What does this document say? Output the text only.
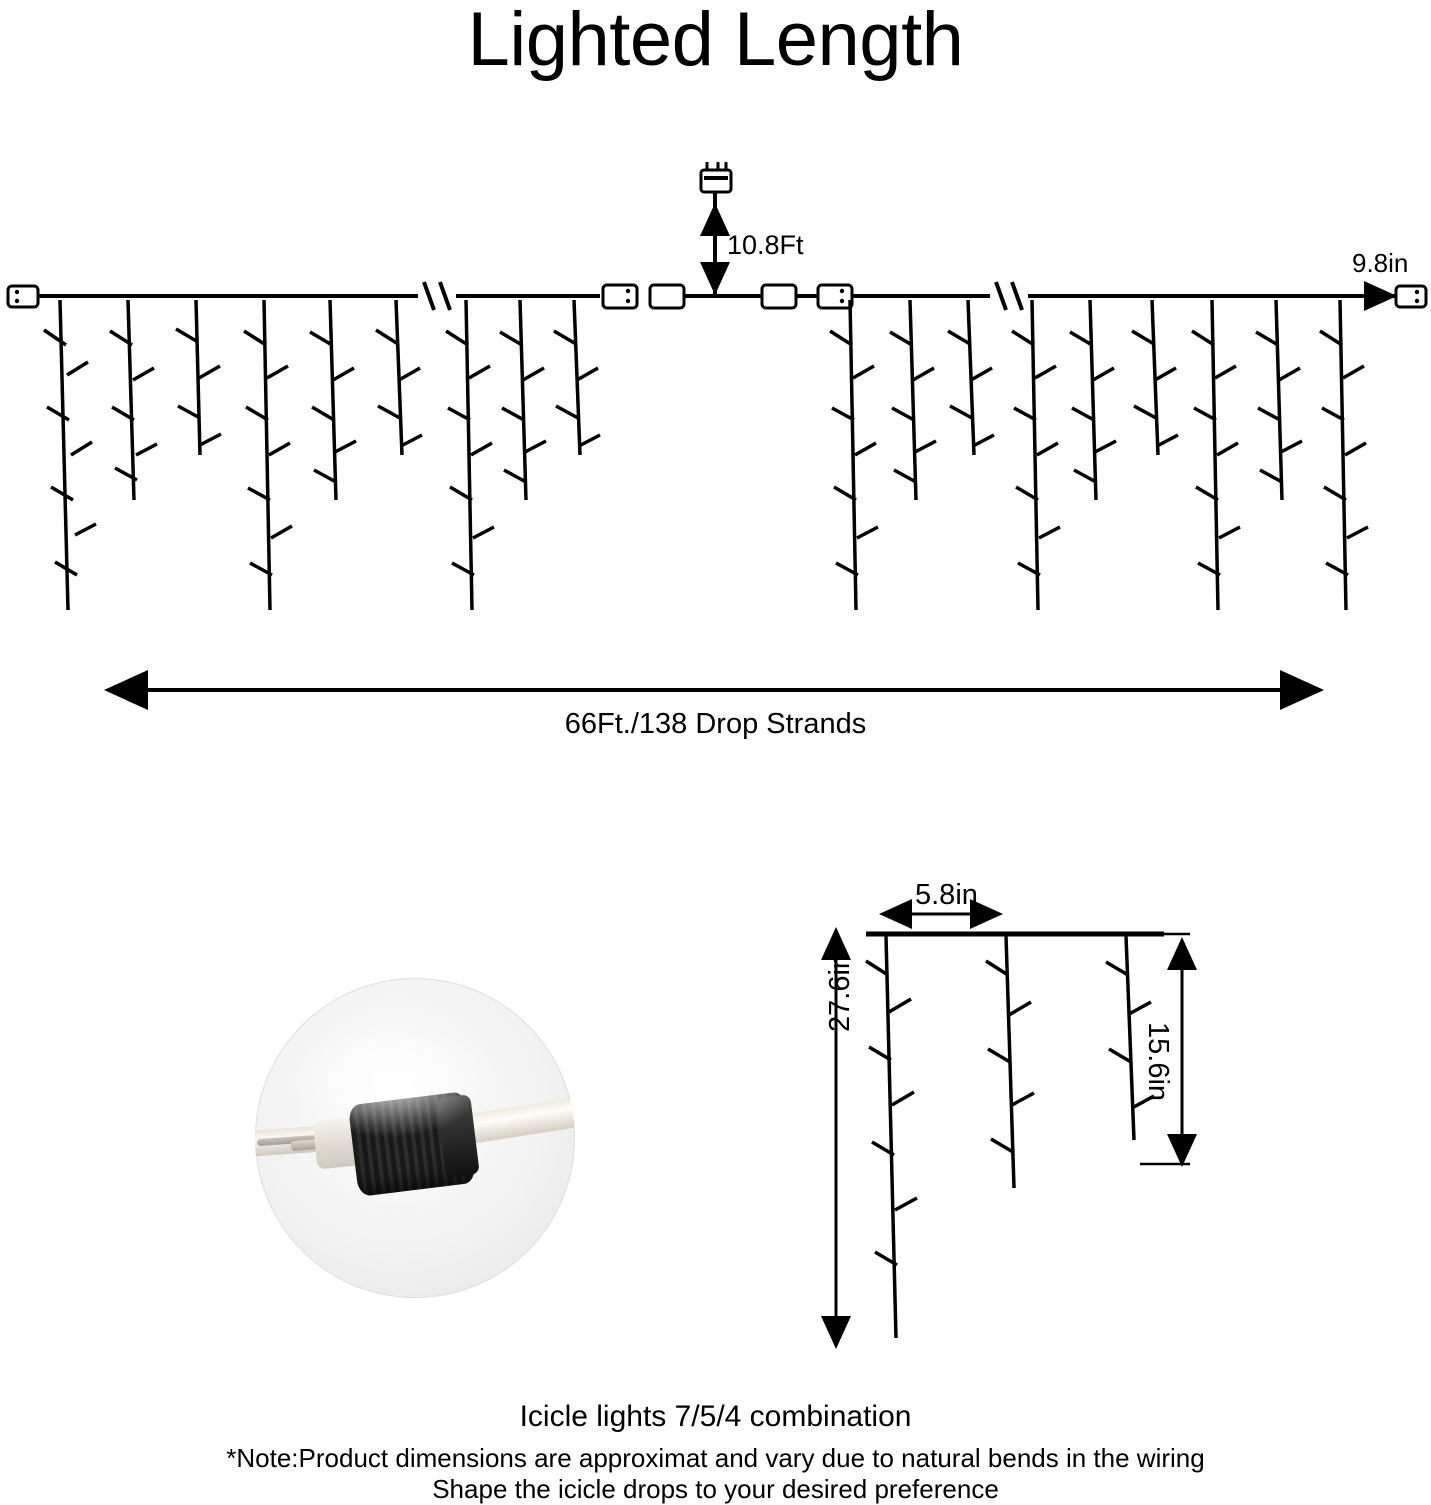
Lighted Length
10.8Ft
9.8in
66Ft./138 Drop Strands
5.8in
15.6in
27.6in
Icicle lights 7/5/4 combination
*Note:Product dimensions are approximat and vary due to natural bends in the wiring
Shape the icicle drops to your desired preference
